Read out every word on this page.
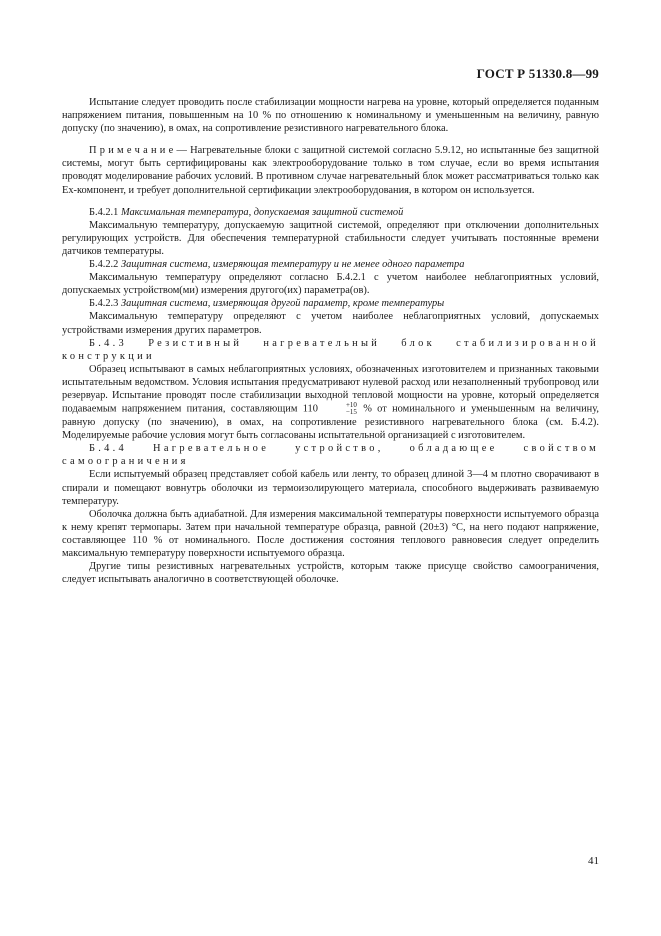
ГОСТ Р 51330.8—99

Испытание следует проводить после стабилизации мощности нагрева на уровне, который определяется поданным напряжением питания, повышенным на 10 % по отношению к номинальному и уменьшенным на величину, равную допуску (по значению), в омах, на сопротивление резистивного нагревательного блока.

П р и м е ч а н и е — Нагревательные блоки с защитной системой согласно 5.9.12, но испытанные без защитной системы, могут быть сертифицированы как электрооборудование только в том случае, если во время испытания проводят моделирование рабочих условий. В противном случае нагревательный блок может рассматриваться только как Ех-компонент, и требует дополнительной сертификации электрооборудования, в котором он используется.

Б.4.2.1 Максимальная температура, допускаемая защитной системой

Максимальную температуру, допускаемую защитной системой, определяют при отключении дополнительных регулирующих устройств. Для обеспечения температурной стабильности следует учитывать постоянные времени датчиков температуры.

Б.4.2.2 Защитная система, измеряющая температуру и не менее одного параметра

Максимальную температуру определяют согласно Б.4.2.1 с учетом наиболее неблагоприятных условий, допускаемых устройством(ми) измерения другого(их) параметра(ов).

Б.4.2.3 Защитная система, измеряющая другой параметр, кроме температуры

Максимальную температуру определяют с учетом наиболее неблагоприятных условий, допускаемых устройствами измерения других параметров.

Б.4.3 Резистивный нагревательный блок стабилизированной конструкции

Образец испытывают в самых неблагоприятных условиях, обозначенных изготовителем и признанных таковыми испытательным ведомством. Условия испытания предусматривают нулевой расход или незаполненный трубопровод или резервуар. Испытание проводят после стабилизации выходной тепловой мощности на уровне, который определяется подаваемым напряжением питания, составляющим 110	+10
−15 % от номинального и уменьшенным на величину, равную допуску (по значению), в омах, на сопротивление резистивного нагревательного блока (см. Б.4.2). Моделируемые рабочие условия могут быть согласованы испытательной организацией с изготовителем.

Б.4.4 Нагревательное устройство, обладающее свойством самоограничения

Если испытуемый образец представляет собой кабель или ленту, то образец длиной 3—4 м плотно сворачивают в спирали и помещают вовнутрь оболочки из термоизолирующего материала, способного выдерживать развиваемую температуру.

Оболочка должна быть адиабатной. Для измерения максимальной температуры поверхности испытуемого образца к нему крепят термопары. Затем при начальной температуре образца, равной (20±3) °С, на него подают напряжение, составляющее 110 % от номинального. После достижения состояния теплового равновесия следует определить максимальную температуру поверхности испытуемого образца.

Другие типы резистивных нагревательных устройств, которым также присуще свойство самоограничения, следует испытывать аналогично в соответствующей оболочке.

41
